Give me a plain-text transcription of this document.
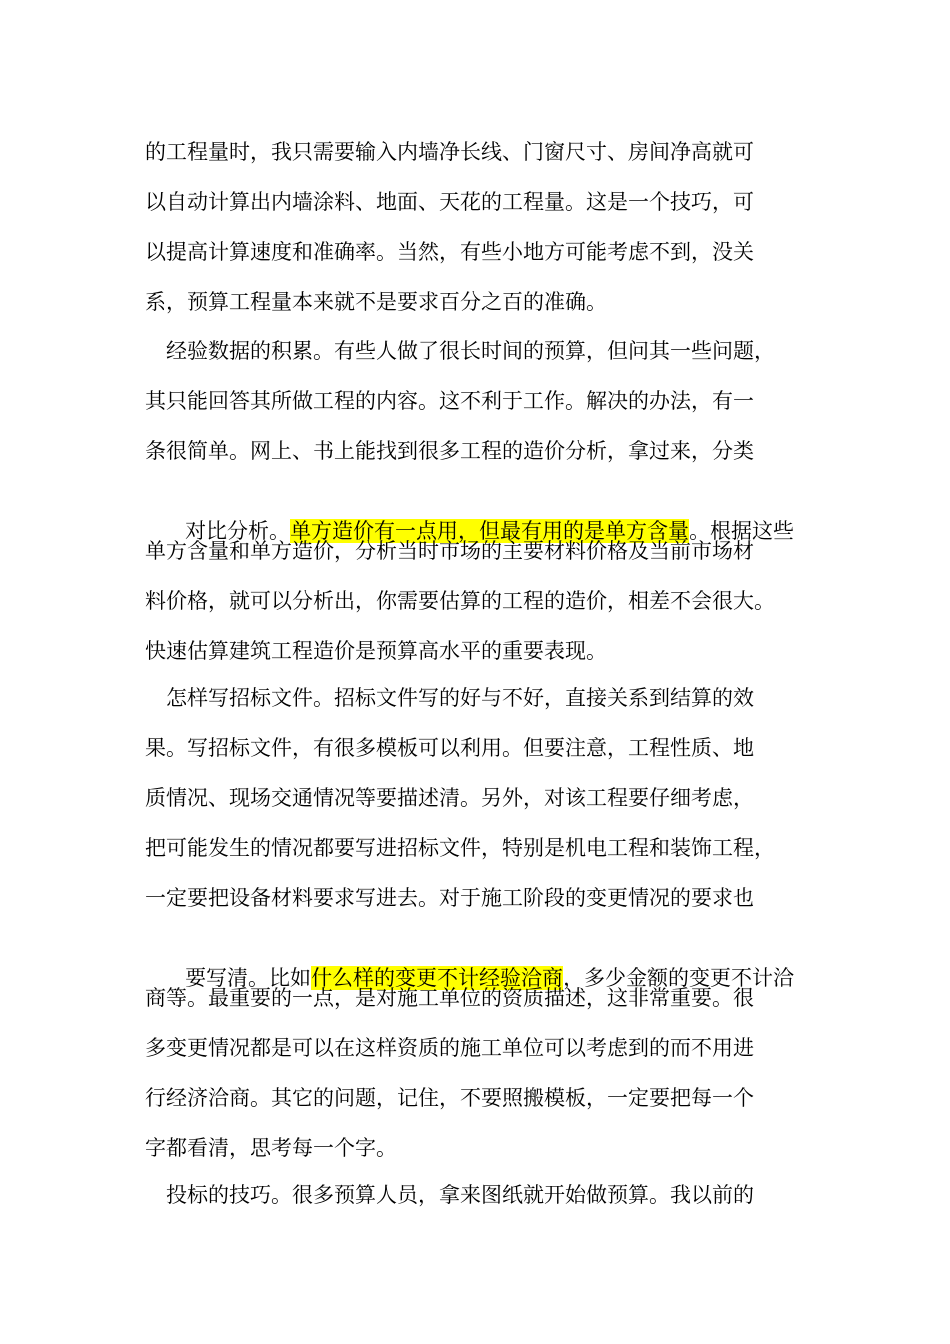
的工程量时，我只需要输入内墙净长线、门窗尺寸、房间净高就可
以自动计算出内墙涂料、地面、天花的工程量。这是一个技巧，可
以提高计算速度和准确率。当然，有些小地方可能考虑不到，没关
系，预算工程量本来就不是要求百分之百的准确。
　经验数据的积累。有些人做了很长时间的预算，但问其一些问题，
其只能回答其所做工程的内容。这不利于工作。解决的办法，有一
条很简单。网上、书上能找到很多工程的造价分析，拿过来，分类

对比分析。单方造价有一点用，但最有用的是单方含量。根据这些

单方含量和单方造价，分析当时市场的主要材料价格及当前市场材
料价格，就可以分析出，你需要估算的工程的造价，相差不会很大。
快速估算建筑工程造价是预算高水平的重要表现。
　怎样写招标文件。招标文件写的好与不好，直接关系到结算的效
果。写招标文件，有很多模板可以利用。但要注意，工程性质、地
质情况、现场交通情况等要描述清。另外，对该工程要仔细考虑，
把可能发生的情况都要写进招标文件，特别是机电工程和装饰工程，
一定要把设备材料要求写进去。对于施工阶段的变更情况的要求也

要写清。比如什么样的变更不计经验洽商，多少金额的变更不计洽

商等。最重要的一点，是对施工单位的资质描述，这非常重要。很
多变更情况都是可以在这样资质的施工单位可以考虑到的而不用进
行经济洽商。其它的问题，记住，不要照搬模板，一定要把每一个
字都看清，思考每一个字。
　投标的技巧。很多预算人员，拿来图纸就开始做预算。我以前的
